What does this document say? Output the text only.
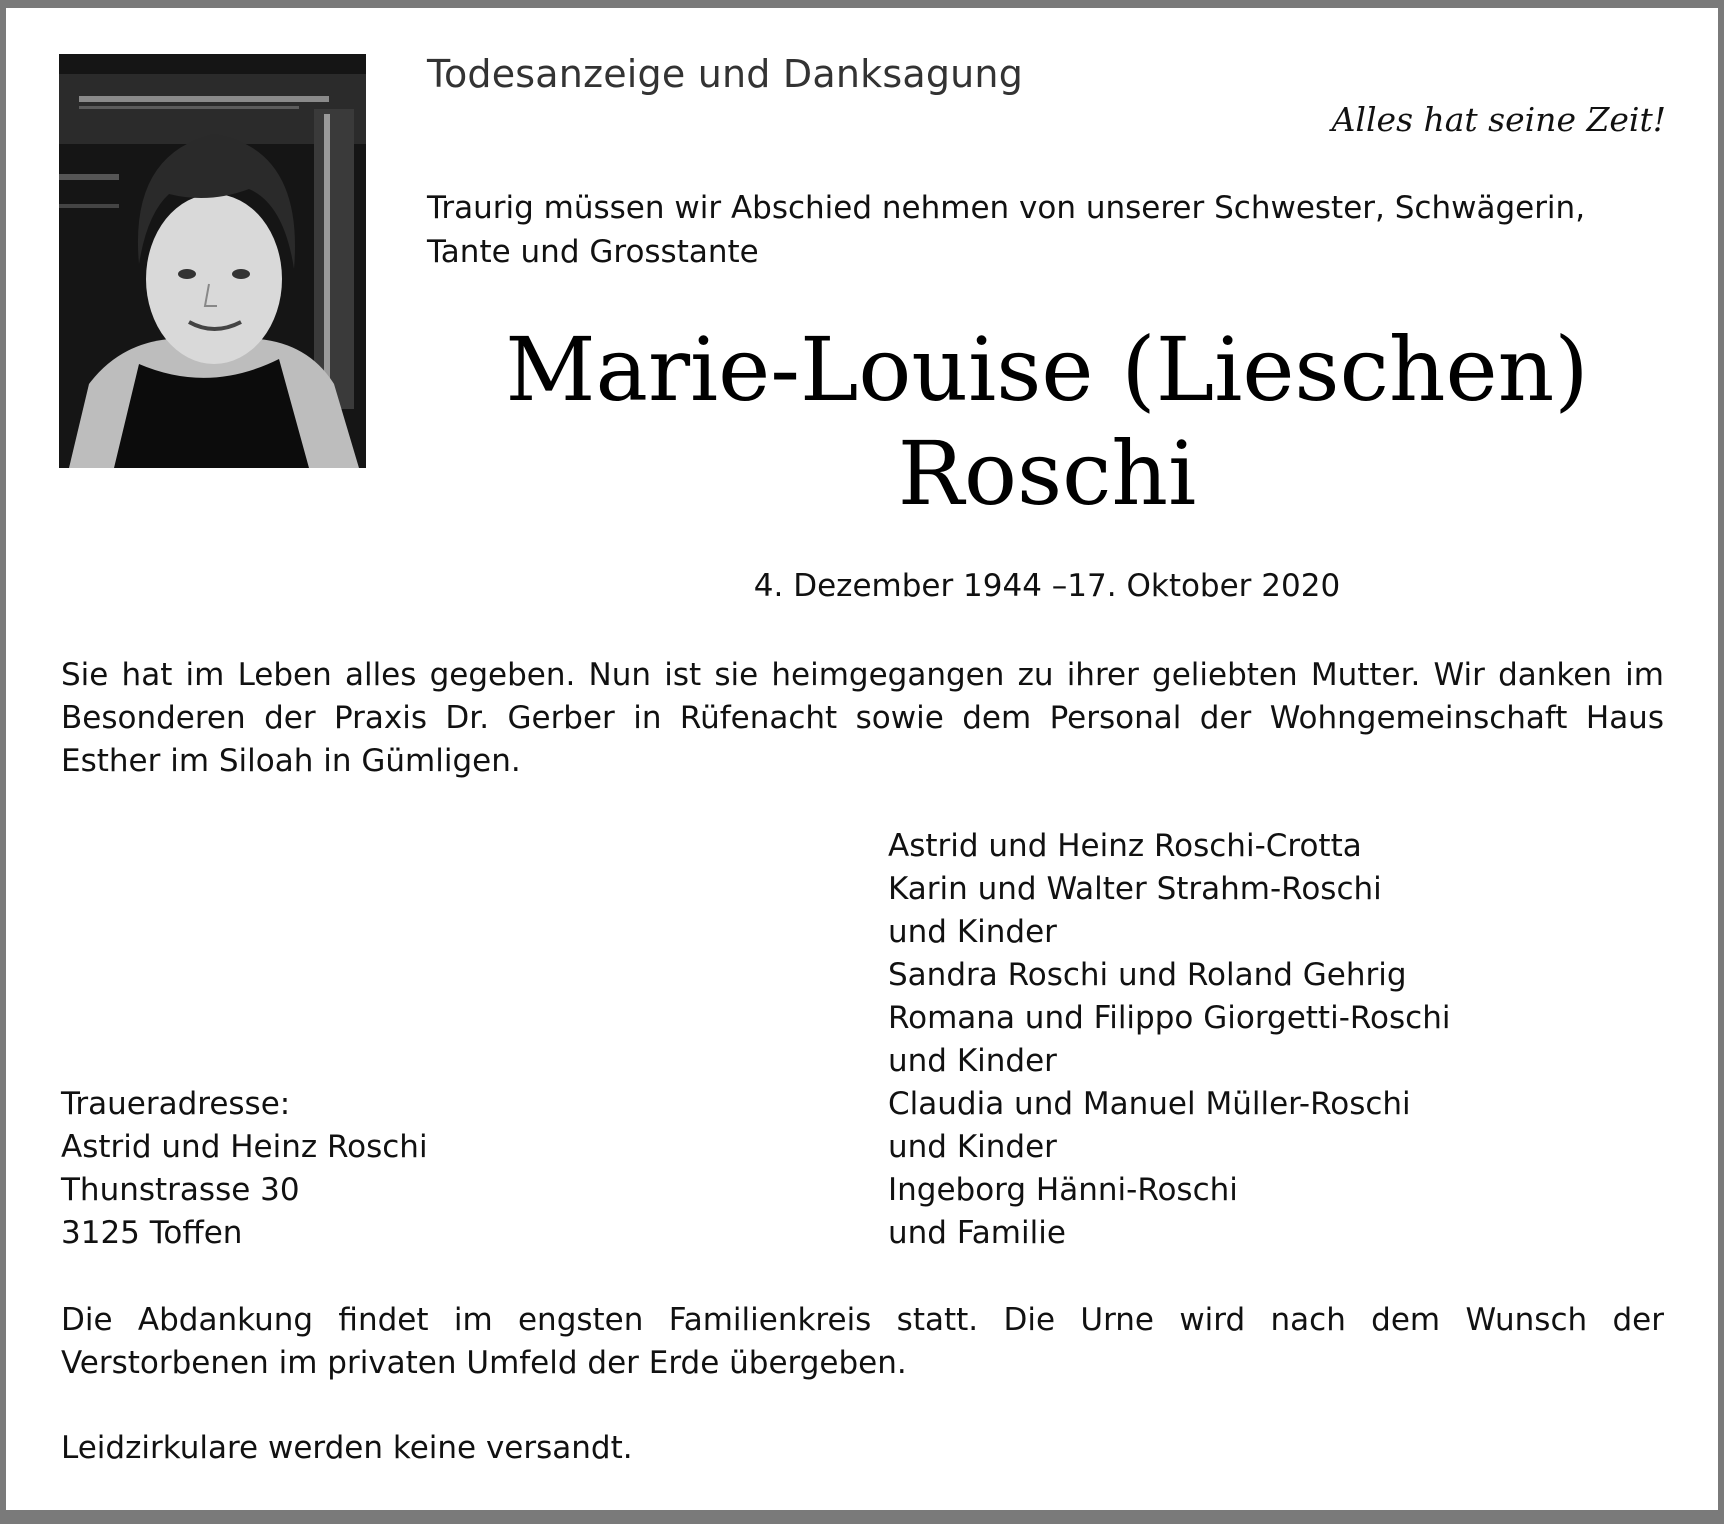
Todesanzeige und Danksagung
Alles hat seine Zeit!
Traurig müssen wir Abschied nehmen von unserer Schwester, Schwägerin, Tante und Grosstante
Marie-Louise (Lieschen)
Roschi
4. Dezember 1944 –17. Oktober 2020
Sie hat im Leben alles gegeben. Nun ist sie heimgegangen zu ihrer geliebten Mutter. Wir danken im Besonderen der Praxis Dr. Gerber in Rüfenacht sowie dem Personal der Wohngemeinschaft Haus Esther im Siloah in Gümligen.
Astrid und Heinz Roschi-Crotta
Karin und Walter Strahm-Roschi
und Kinder
Sandra Roschi und Roland Gehrig
Romana und Filippo Giorgetti-Roschi
und Kinder
Claudia und Manuel Müller-Roschi
und Kinder
Ingeborg Hänni-Roschi
und Familie
Traueradresse:
Astrid und Heinz Roschi
Thunstrasse 30
3125 Toffen
Die Abdankung findet im engsten Familienkreis statt. Die Urne wird nach dem Wunsch der Verstorbenen im privaten Umfeld der Erde übergeben.
Leidzirkulare werden keine versandt.
